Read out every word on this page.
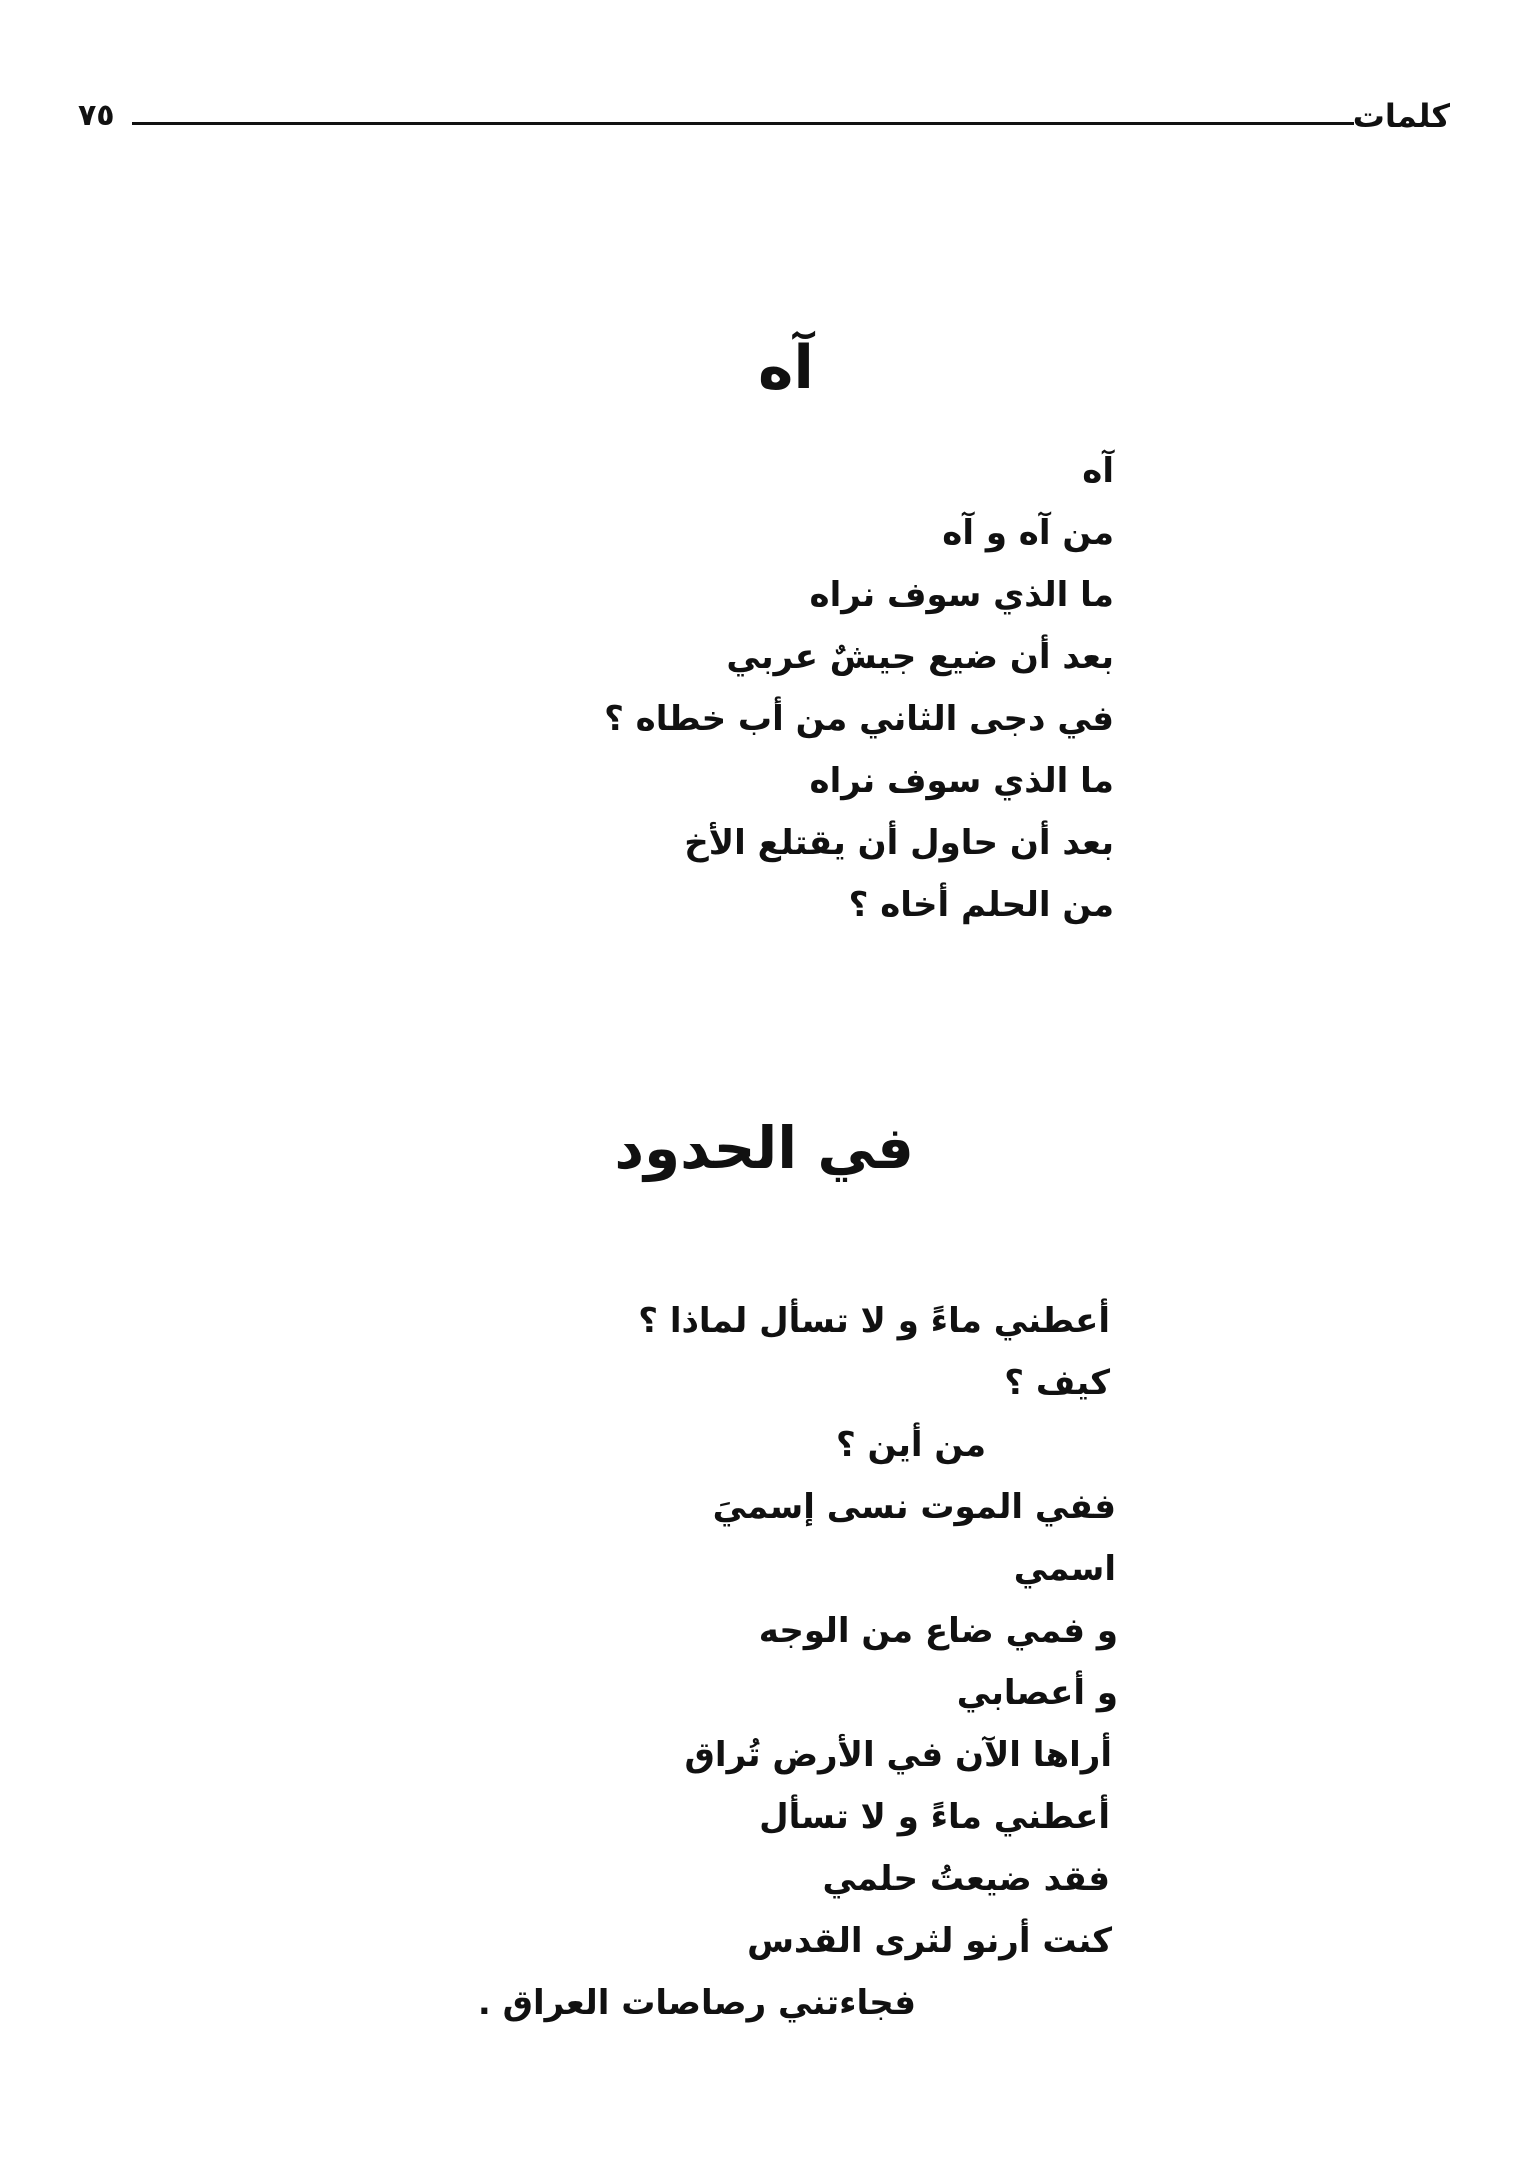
٧٥	كلمات
آه
آه
من آه و آه
ما الذي سوف نراه
بعد أن ضيع جيشٌ عربي
في دجى الثاني من أب خطاه ؟
ما الذي سوف نراه
بعد أن حاول أن يقتلع الأخ
من الحلم أخاه ؟
في الحدود
أعطني ماءً و لا تسأل لماذا ؟
كيف ؟
من أين ؟
ففي الموت نسى إسميَ
اسمي
و فمي ضاع من الوجه
و أعصابي
أراها الآن في الأرض تُراق
أعطني ماءً و لا تسأل
فقد ضيعتُ حلمي
كنت أرنو لثرى القدس
فجاءتني رصاصات العراق .
